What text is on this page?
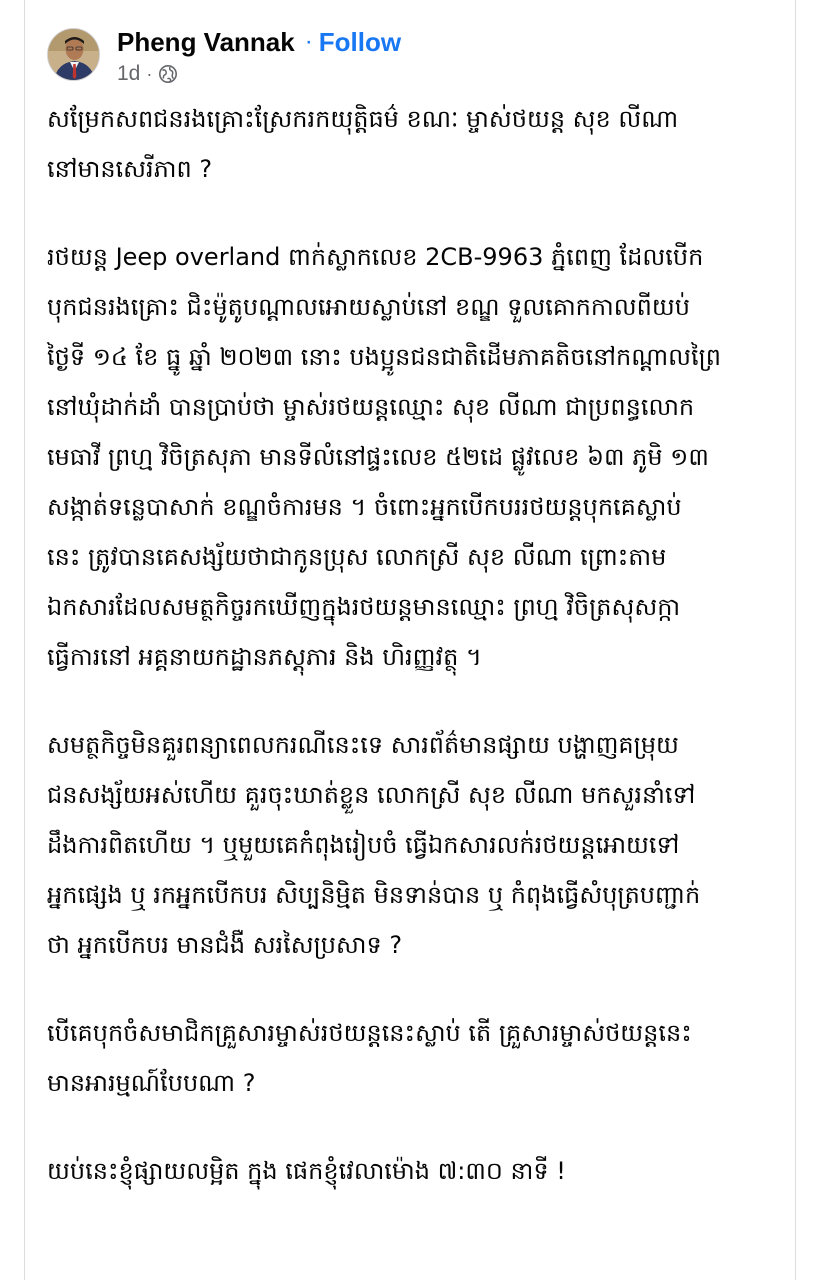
Pheng Vannak · Follow
1d ·

សម្រែកសពជនរងគ្រោះស្រែករកយុត្តិធម៌ ខណៈ ម្ចាស់ថយន្ត សុខ លីណា
នៅមានសេរីភាព ?

រថយន្ត Jeep overland ពាក់ស្លាកលេខ 2CB-9963 ភ្នំពេញ ដែលបើក
បុកជនរងគ្រោះ ជិះម៉ូតូបណ្តាលអោយស្លាប់នៅ ខណ្ឌ ទួលគោកកាលពីយប់
ថ្ងៃទី ១៤ ខែ ធ្នូ ឆ្នាំ ២០២៣ នោះ បងប្អូនជនជាតិដើមភាគតិចនៅកណ្តាលព្រៃ
នៅឃុំដាក់ដាំ បានប្រាប់ថា ម្ចាស់រថយន្តឈ្មោះ សុខ លីណា ជាប្រពន្ធលោក
មេធាវី ព្រហ្ម វិចិត្រសុភា មានទីលំនៅផ្ទះលេខ ៥២ដេ ផ្លូវលេខ ៦៣ ភូមិ ១៣
សង្កាត់ទន្លេបាសាក់ ខណ្ឌចំការមន ។ ចំពោះអ្នកបើកបររថយន្តបុកគេស្លាប់
នេះ ត្រូវបានគេសង្ស័យថាជាកូនប្រុស លោកស្រី សុខ លីណា ព្រោះតាម
ឯកសារដែលសមត្ថកិច្ចរកឃើញក្នុងរថយន្តមានឈ្មោះ ព្រហ្ម វិចិត្រសុសក្កា
ធ្វើការនៅ អគ្គនាយកដ្ឋានភស្តុភារ និង ហិរញ្ញវត្ថុ ។

សមត្ថកិច្ចមិនគួរពន្យាពេលករណីនេះទេ សារព័ត៌មានផ្សាយ បង្ហាញគម្រុយ
ជនសង្ស័យអស់ហើយ គួរចុះឃាត់ខ្លួន លោកស្រី សុខ លីណា មកសួរនាំទៅ
ដឹងការពិតហើយ ។ ឬមួយគេកំពុងរៀបចំ ធ្វើឯកសារលក់រថយន្តអោយទៅ
អ្នកផ្សេង ឬ រកអ្នកបើកបរ សិប្បនិម្មិត មិនទាន់បាន ឬ កំពុងធ្វើសំបុត្របញ្ជាក់
ថា អ្នកបើកបរ មានជំងឺ សរសៃប្រសាទ ?

បើគេបុកចំសមាជិកគ្រួសារម្ចាស់រថយន្តនេះស្លាប់ តើ គ្រួសារម្ចាស់ថយន្តនេះ
មានអារម្មណ៍បែបណា ?

យប់នេះខ្ញុំផ្សាយលម្អិត ក្នុង ផេកខ្ញុំវេលាម៉ោង ៧:៣០ នាទី !
